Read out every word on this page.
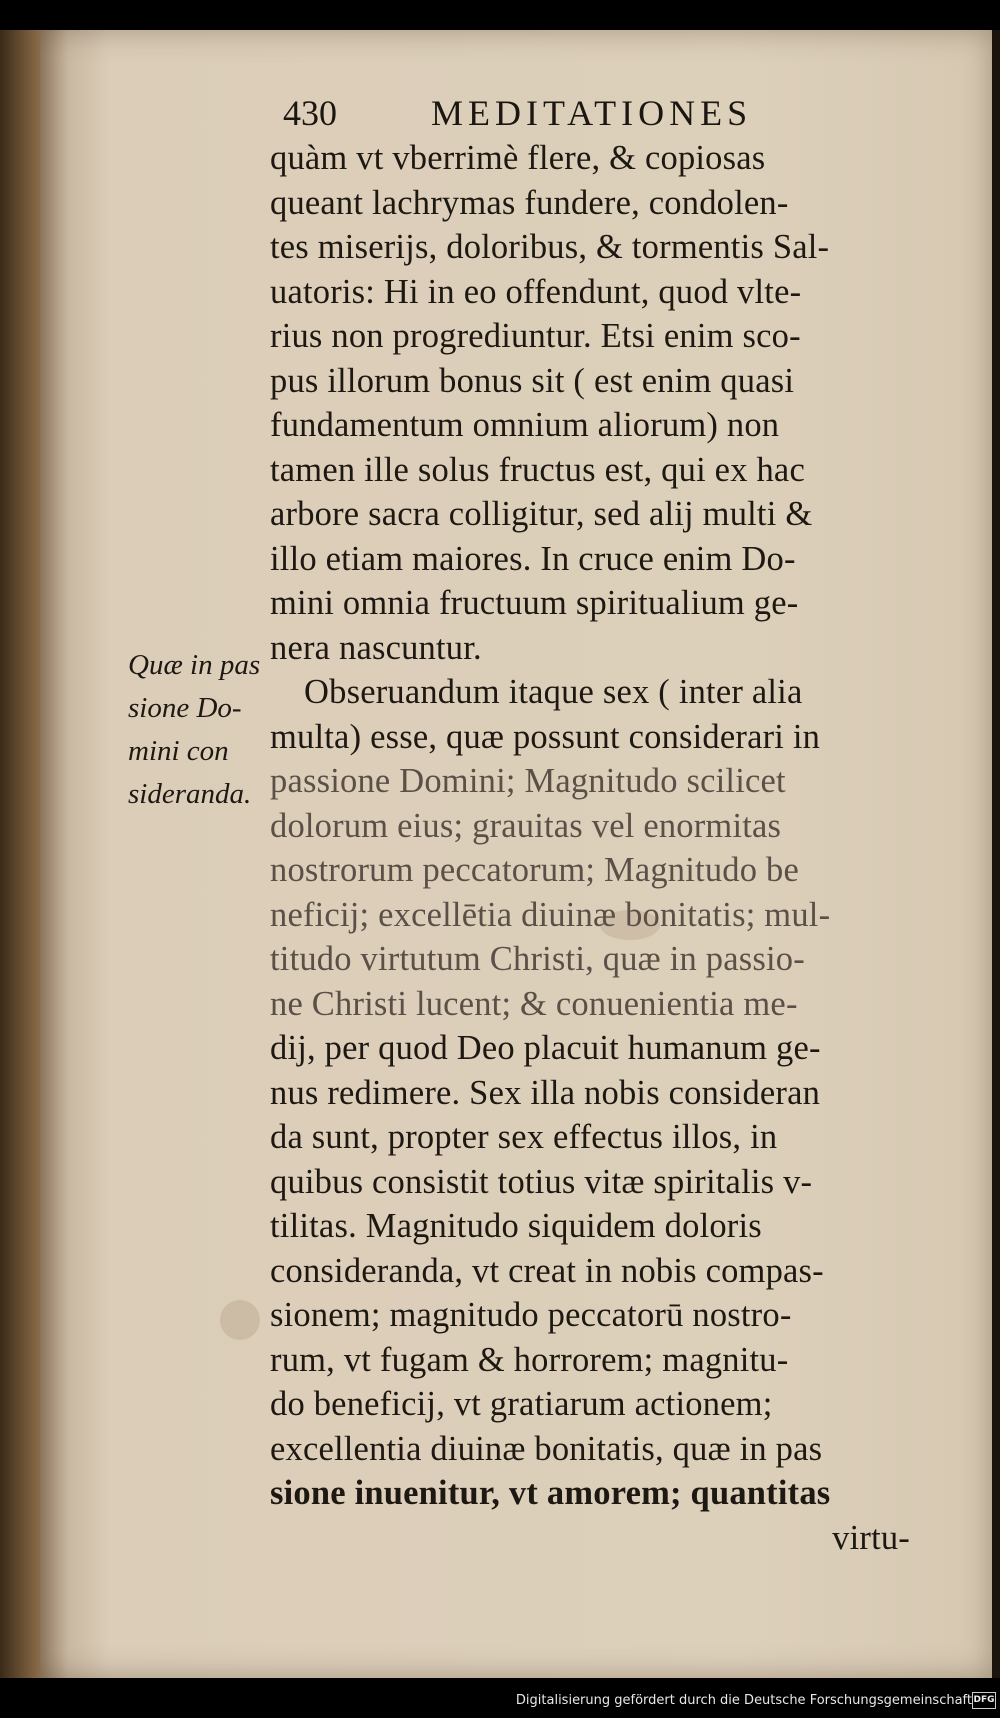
430	MEDITATIONES
Quæ in pas
sione Do-
mini con
sideranda.
quàm vt vberrimè flere, & copiosas
queant lachrymas fundere, condolen-
tes miserijs, doloribus, & tormentis Sal-
uatoris: Hi in eo offendunt, quod vlte-
rius non progrediuntur. Etsi enim sco-
pus illorum bonus sit ( est enim quasi
fundamentum omnium aliorum) non
tamen ille solus fructus est, qui ex hac
arbore sacra colligitur, sed alij multi &
illo etiam maiores. In cruce enim Do-
mini omnia fructuum spiritualium ge-
nera nascuntur.
Obseruandum itaque sex ( inter alia
multa) esse, quæ possunt considerari in
passione Domini; Magnitudo scilicet
dolorum eius; grauitas vel enormitas
nostrorum peccatorum; Magnitudo be
neficij; excellētia diuinæ bonitatis; mul-
titudo virtutum Christi, quæ in passio-
ne Christi lucent; & conuenientia me-
dij, per quod Deo placuit humanum ge-
nus redimere. Sex illa nobis consideran
da sunt, propter sex effectus illos, in
quibus consistit totius vitæ spiritalis v-
tilitas. Magnitudo siquidem doloris
consideranda, vt creat in nobis compas-
sionem; magnitudo peccatorū nostro-
rum, vt fugam & horrorem; magnitu-
do beneficij, vt gratiarum actionem;
excellentia diuinæ bonitatis, quæ in pas
sione inuenitur, vt amorem; quantitas
virtu-
Digitalisierung gefördert durch die Deutsche Forschungsgemeinschaft DFG
